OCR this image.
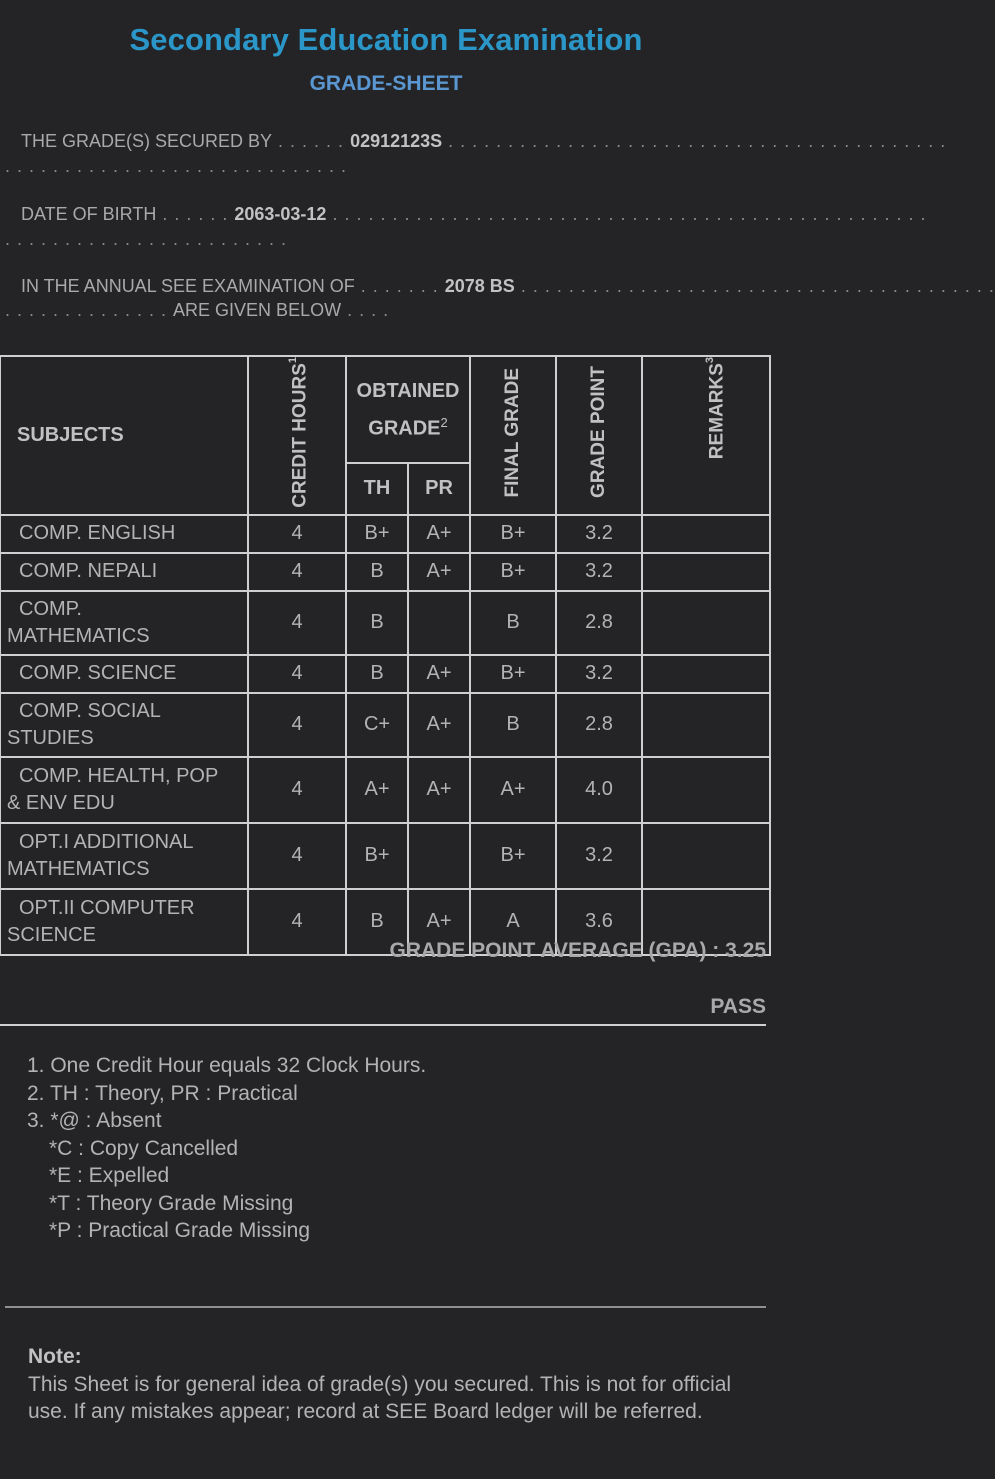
Secondary Education Examination
GRADE-SHEET
THE GRADE(S) SECURED BY . . . . . . 02912123S . . . . . . . . . . . . . . . . . . . . . . . . . . . . . . . . . . . . . . . . . .
. . . . . . . . . . . . . . . . . . . . . . . . . . . . .
DATE OF BIRTH . . . . . . 2063-03-12 . . . . . . . . . . . . . . . . . . . . . . . . . . . . . . . . . . . . . . . . . . . . . . . . . .
. . . . . . . . . . . . . . . . . . . . . . . .
IN THE ANNUAL SEE EXAMINATION OF . . . . . . . 2078 BS . . . . . . . . . . . . . . . . . . . . . . . . . . . . . . . . . . . . . . . .
. . . . . . . . . . . . . . ARE GIVEN BELOW . . . .
SUBJECTS	CREDIT HOURS$^1$	OBTAINED GRADE$^2$		FINAL GRADE	GRADE POINT	REMARKS$^3$
		TH	PR			
COMP. ENGLISH	4	B+	A+	B+	3.2	
COMP. NEPALI	4	B	A+	B+	3.2	

COMP.
MATHEMATICS	4	B		B	2.8	
COMP. SCIENCE	4	B	A+	B+	3.2	

COMP. SOCIAL
STUDIES	4	C+	A+	B	2.8	

COMP. HEALTH, POP
& ENV EDU	4	A+	A+	A+	4.0	

OPT.I ADDITIONAL
MATHEMATICS	4	B+		B+	3.2	

OPT.II COMPUTER
SCIENCE	4	B	A+	A	3.6	
GRADE POINT AVERAGE (GPA) : 3.25
PASS
1. One Credit Hour equals 32 Clock Hours.
2. TH : Theory, PR : Practical
3. *@ : Absent
*C : Copy Cancelled
*E : Expelled
*T : Theory Grade Missing
*P : Practical Grade Missing
Note:
This Sheet is for general idea of grade(s) you secured. This is not for official use. If any mistakes appear; record at SEE Board ledger will be referred.
